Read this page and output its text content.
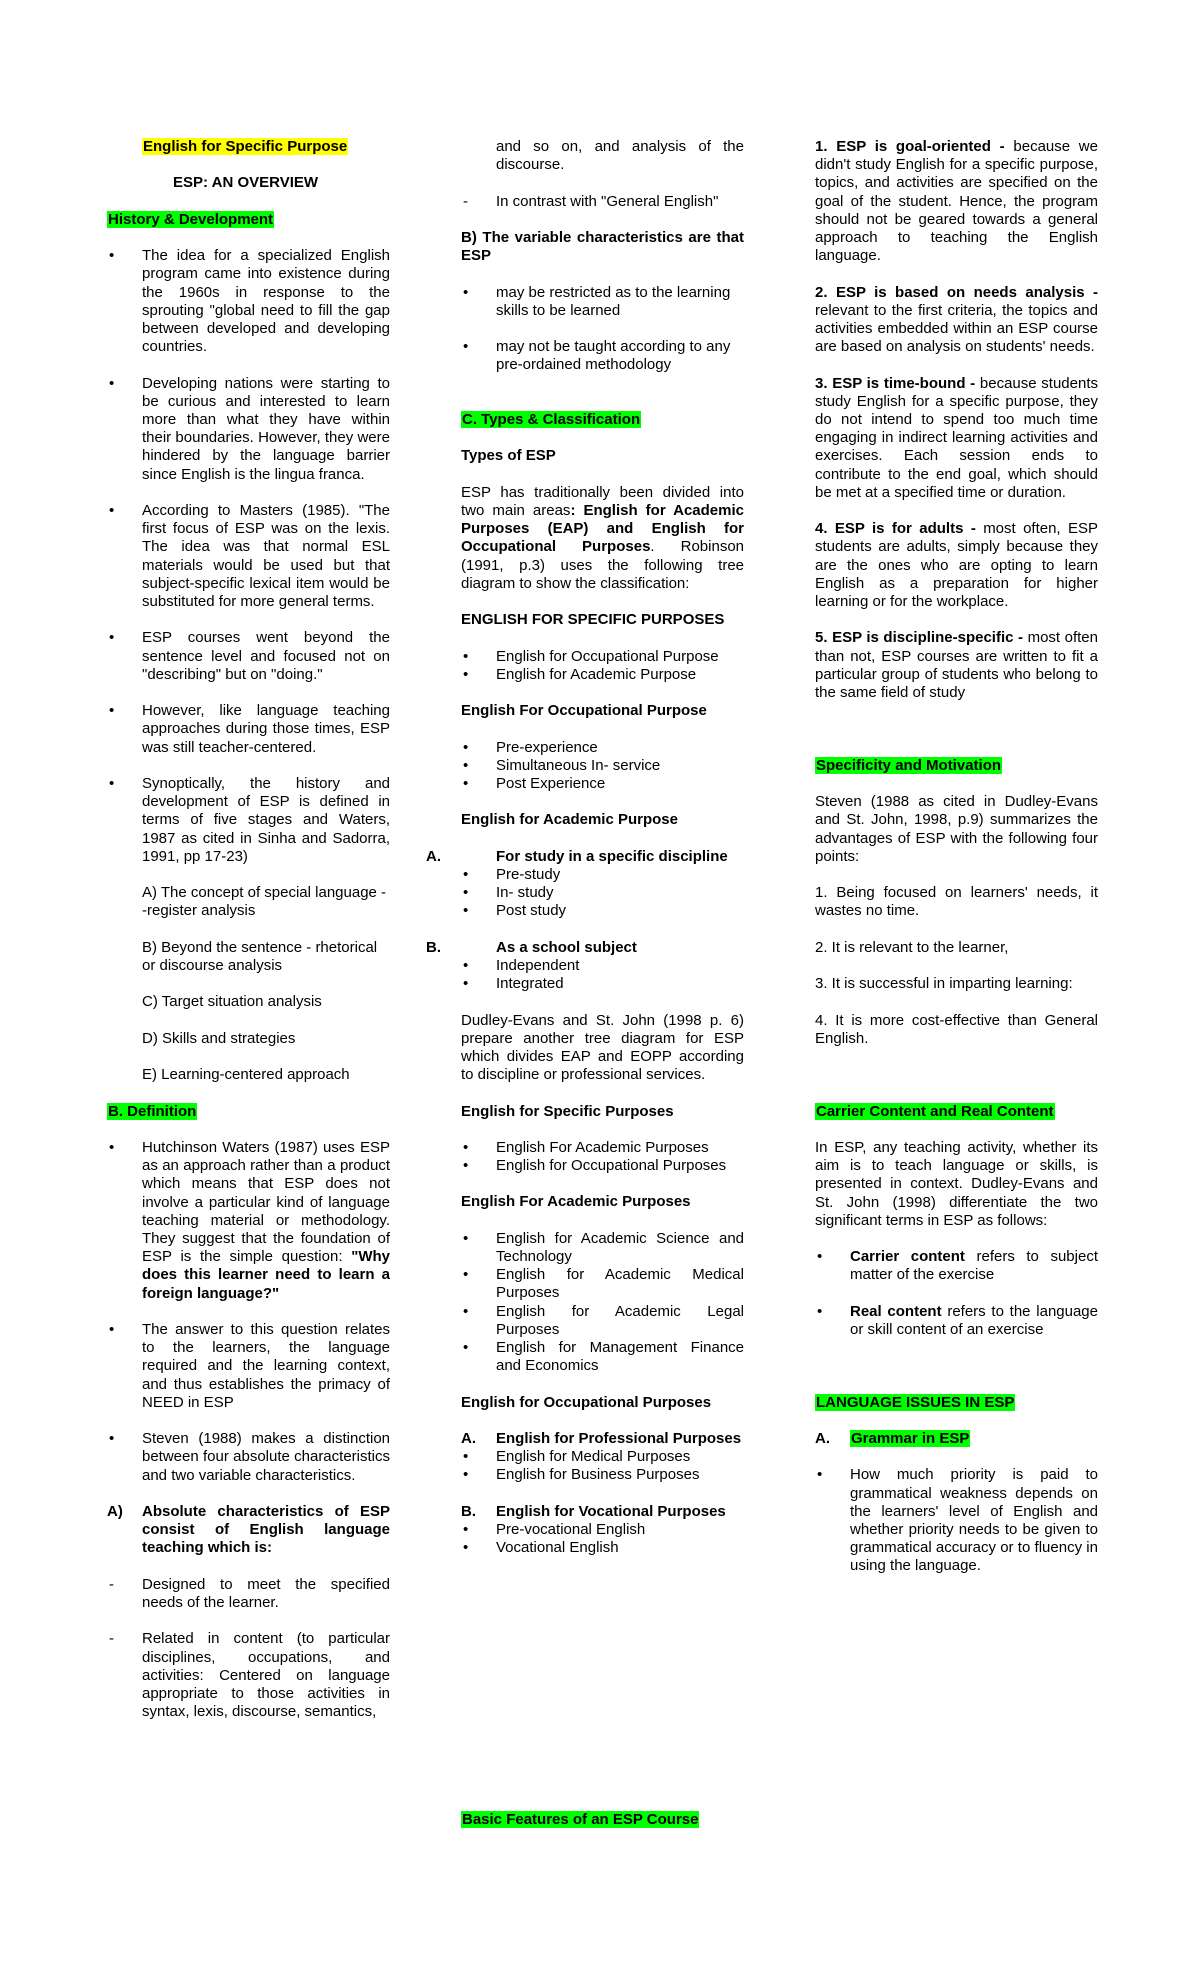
English for Specific Purpose

ESP: AN OVERVIEW

History & Development

• The idea for a specialized English program came into existence during the 1960s in response to the sprouting "global need to fill the gap between developed and developing countries.

• Developing nations were starting to be curious and interested to learn more than what they have within their boundaries. However, they were hindered by the language barrier since English is the lingua franca.

• According to Masters (1985). "The first focus of ESP was on the lexis. The idea was that normal ESL materials would be used but that subject-specific lexical item would be substituted for more general terms.

• ESP courses went beyond the sentence level and focused not on "describing" but on "doing."

• However, like language teaching approaches during those times, ESP was still teacher-centered.

• Synoptically, the history and development of ESP is defined in terms of five stages and Waters, 1987 as cited in Sinha and Sadorra, 1991, pp 17-23)

A) The concept of special language - -register analysis

B) Beyond the sentence - rhetorical or discourse analysis

C) Target situation analysis

D) Skills and strategies

E) Learning-centered approach

B. Definition

• Hutchinson Waters (1987) uses ESP as an approach rather than a product which means that ESP does not involve a particular kind of language teaching material or methodology. They suggest that the foundation of ESP is the simple question: "Why does this learner need to learn a foreign language?"

• The answer to this question relates to the learners, the language required and the learning context, and thus establishes the primacy of NEED in ESP

• Steven (1988) makes a distinction between four absolute characteristics and two variable characteristics.

A) Absolute characteristics of ESP consist of English language teaching which is:

- Designed to meet the specified needs of the learner.

- Related in content (to particular disciplines, occupations, and activities: Centered on language appropriate to those activities in syntax, lexis, discourse, semantics,

and so on, and analysis of the discourse.

- In contrast with "General English"

B) The variable characteristics are that ESP

• may be restricted as to the learning skills to be learned

• may not be taught according to any pre-ordained methodology

C. Types & Classification

Types of ESP

ESP has traditionally been divided into two main areas: English for Academic Purposes (EAP) and English for Occupational Purposes. Robinson (1991, p.3) uses the following tree diagram to show the classification:

ENGLISH FOR SPECIFIC PURPOSES

• English for Occupational Purpose

• English for Academic Purpose

English For Occupational Purpose

• Pre-experience

• Simultaneous In- service

• Post Experience

English for Academic Purpose

A.	For study in a specific discipline

• Pre-study

• In- study

• Post study

B.	As a school subject

• Independent

• Integrated

Dudley-Evans and St. John (1998 p. 6) prepare another tree diagram for ESP which divides EAP and EOPP according to discipline or professional services.

English for Specific Purposes

• English For Academic Purposes

• English for Occupational Purposes

English For Academic Purposes

• English for Academic Science and Technology

• English for Academic Medical Purposes

• English for Academic Legal Purposes

• English for Management Finance and Economics

English for Occupational Purposes

A. English for Professional Purposes

• English for Medical Purposes

• English for Business Purposes

B. English for Vocational Purposes

• Pre-vocational English

• Vocational English

Basic Features of an ESP Course

1. ESP is goal-oriented - because we didn't study English for a specific purpose, topics, and activities are specified on the goal of the student. Hence, the program should not be geared towards a general approach to teaching the English language.

2. ESP is based on needs analysis - relevant to the first criteria, the topics and activities embedded within an ESP course are based on analysis on students' needs.

3. ESP is time-bound - because students study English for a specific purpose, they do not intend to spend too much time engaging in indirect learning activities and exercises. Each session ends to contribute to the end goal, which should be met at a specified time or duration.

4. ESP is for adults - most often, ESP students are adults, simply because they are the ones who are opting to learn English as a preparation for higher learning or for the workplace.

5. ESP is discipline-specific - most often than not, ESP courses are written to fit a particular group of students who belong to the same field of study

Specificity and Motivation

Steven (1988 as cited in Dudley-Evans and St. John, 1998, p.9) summarizes the advantages of ESP with the following four points:

1. Being focused on learners' needs, it wastes no time.

2. It is relevant to the learner,

3. It is successful in imparting learning:

4. It is more cost-effective than General English.

Carrier Content and Real Content

In ESP, any teaching activity, whether its aim is to teach language or skills, is presented in context. Dudley-Evans and St. John (1998) differentiate the two significant terms in ESP as follows:

• Carrier content refers to subject matter of the exercise

• Real content refers to the language or skill content of an exercise

LANGUAGE ISSUES IN ESP

A. Grammar in ESP

• How much priority is paid to grammatical weakness depends on the learners' level of English and whether priority needs to be given to grammatical accuracy or to fluency in using the language.
